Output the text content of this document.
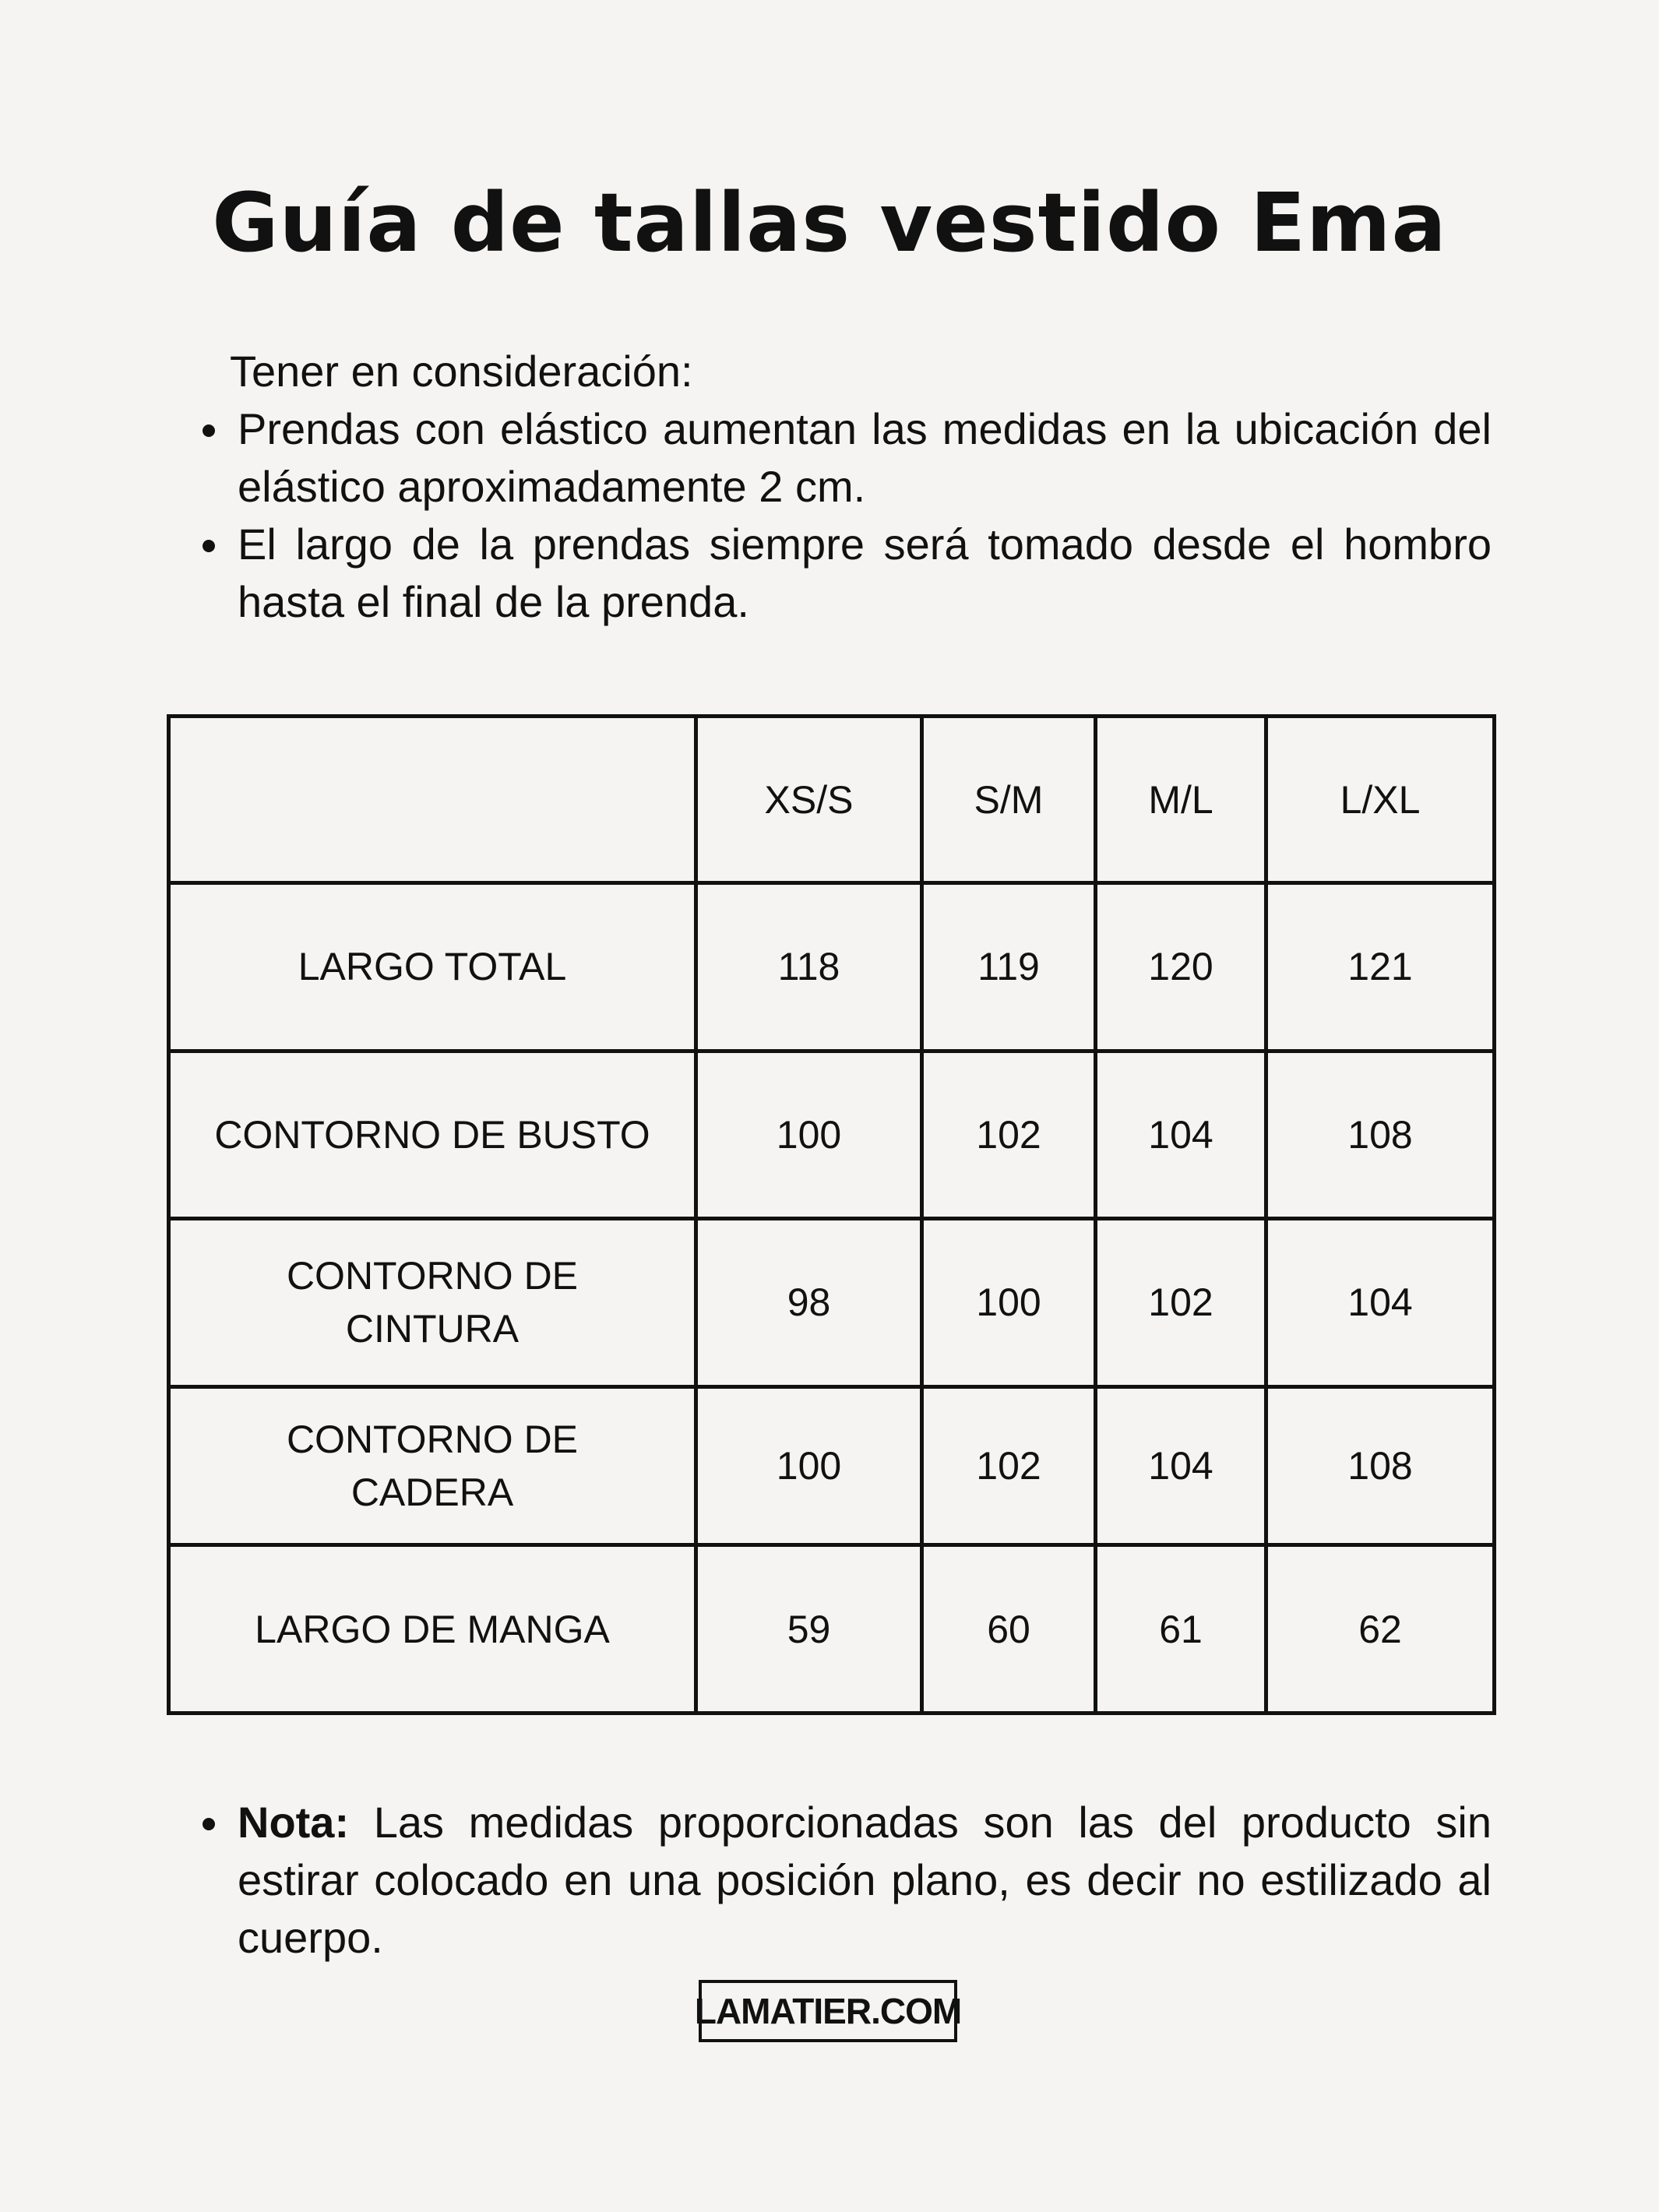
Guía de tallas vestido Ema
Tener en consideración:
Prendas con elástico aumentan las medidas en la ubicación del elástico aproximadamente 2 cm.
El largo de la prendas siempre será tomado desde el hombro hasta el final de la prenda.
	XS/S	S/M	M/L	L/XL
LARGO TOTAL	118	119	120	121
CONTORNO DE BUSTO	100	102	104	108
CONTORNO DE CINTURA	98	100	102	104
CONTORNO DE CADERA	100	102	104	108
LARGO DE MANGA	59	60	61	62
Nota: Las medidas proporcionadas son las del producto sin estirar colocado en una posición plano, es decir no estilizado al cuerpo.
LAMATIER.COM
